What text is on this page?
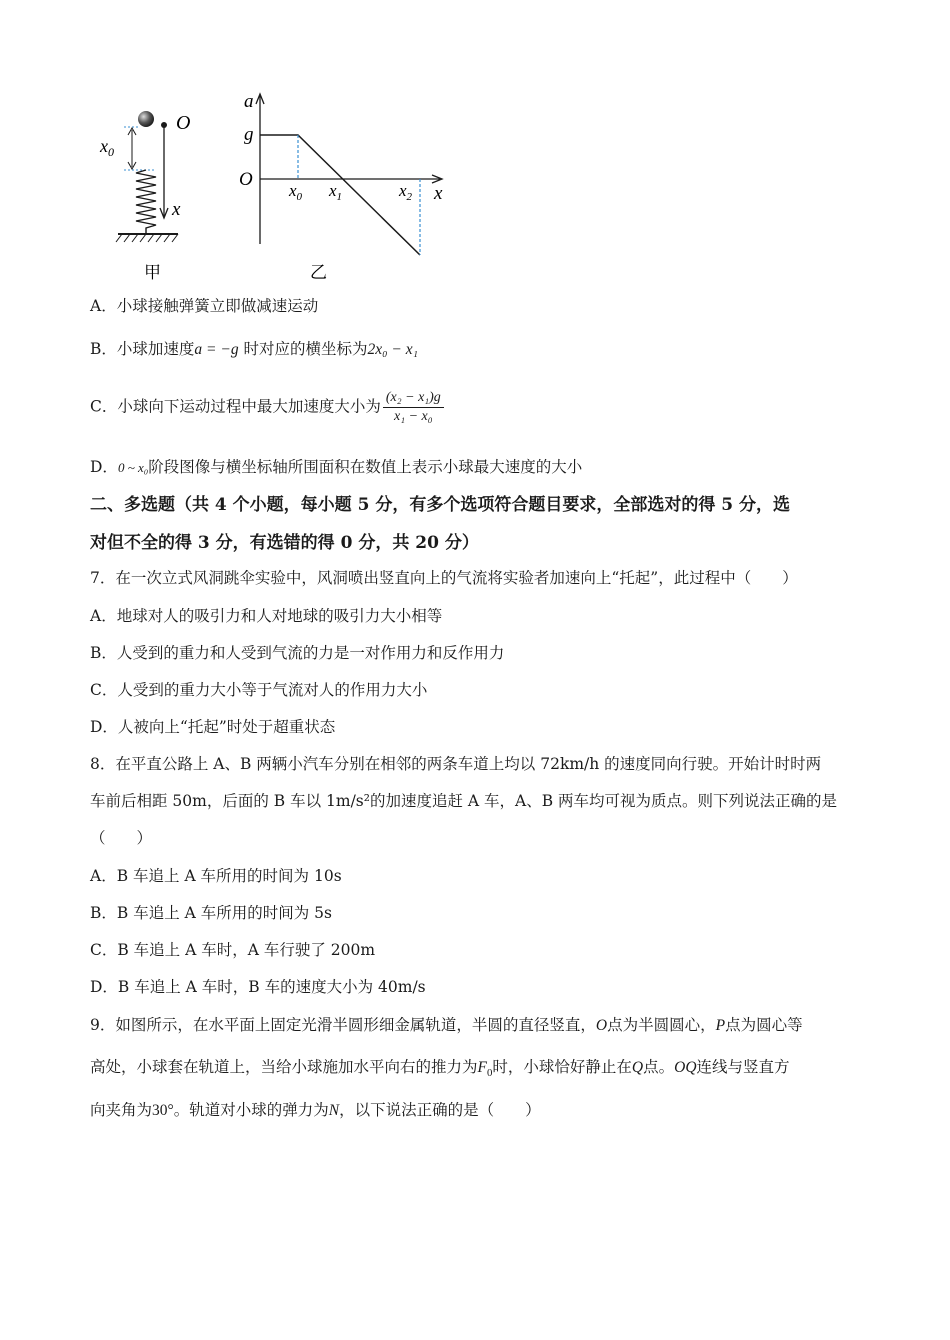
$x_0$
O
x
甲
a
g
O
x
$x_0$ $x_1$	$x_2$
乙
A．小球接触弹簧立即做减速运动
B．小球加速度a = −g 时对应的横坐标为2x₀ − x₁
C．小球向下运动过程中最大加速度大小为 $\frac{\text{(x₂ − x₁)g}}{\text{x₁ − x₀}}$
D．0 ~ x₀阶段图像与横坐标轴所围面积在数值上表示小球最大速度的大小
二、多选题（共 4 个小题，每小题 5 分，有多个选项符合题目要求，全部选对的得 5 分，选
对但不全的得 3 分，有选错的得 0 分，共 20 分）
7．在一次立式风洞跳伞实验中，风洞喷出竖直向上的气流将实验者加速向上“托起”，此过程中（　　）
A．地球对人的吸引力和人对地球的吸引力大小相等
B．人受到的重力和人受到气流的力是一对作用力和反作用力
C．人受到的重力大小等于气流对人的作用力大小
D．人被向上“托起”时处于超重状态
8．在平直公路上 A、B 两辆小汽车分别在相邻的两条车道上均以 72km/h 的速度同向行驶。开始计时时两
车前后相距 50m，后面的 B 车以 1m/s²的加速度追赶 A 车，A、B 两车均可视为质点。则下列说法正确的是
（　　）
A．B 车追上 A 车所用的时间为 10s
B．B 车追上 A 车所用的时间为 5s
C．B 车追上 A 车时，A 车行驶了 200m
D．B 车追上 A 车时，B 车的速度大小为 40m/s
9．如图所示，在水平面上固定光滑半圆形细金属轨道，半圆的直径竖直，O点为半圆圆心，P点为圆心等
高处，小球套在轨道上，当给小球施加水平向右的推力为$F_0$时，小球恰好静止在Q点。OQ连线与竖直方
向夹角为30°。轨道对小球的弹力为N，以下说法正确的是（　　）
